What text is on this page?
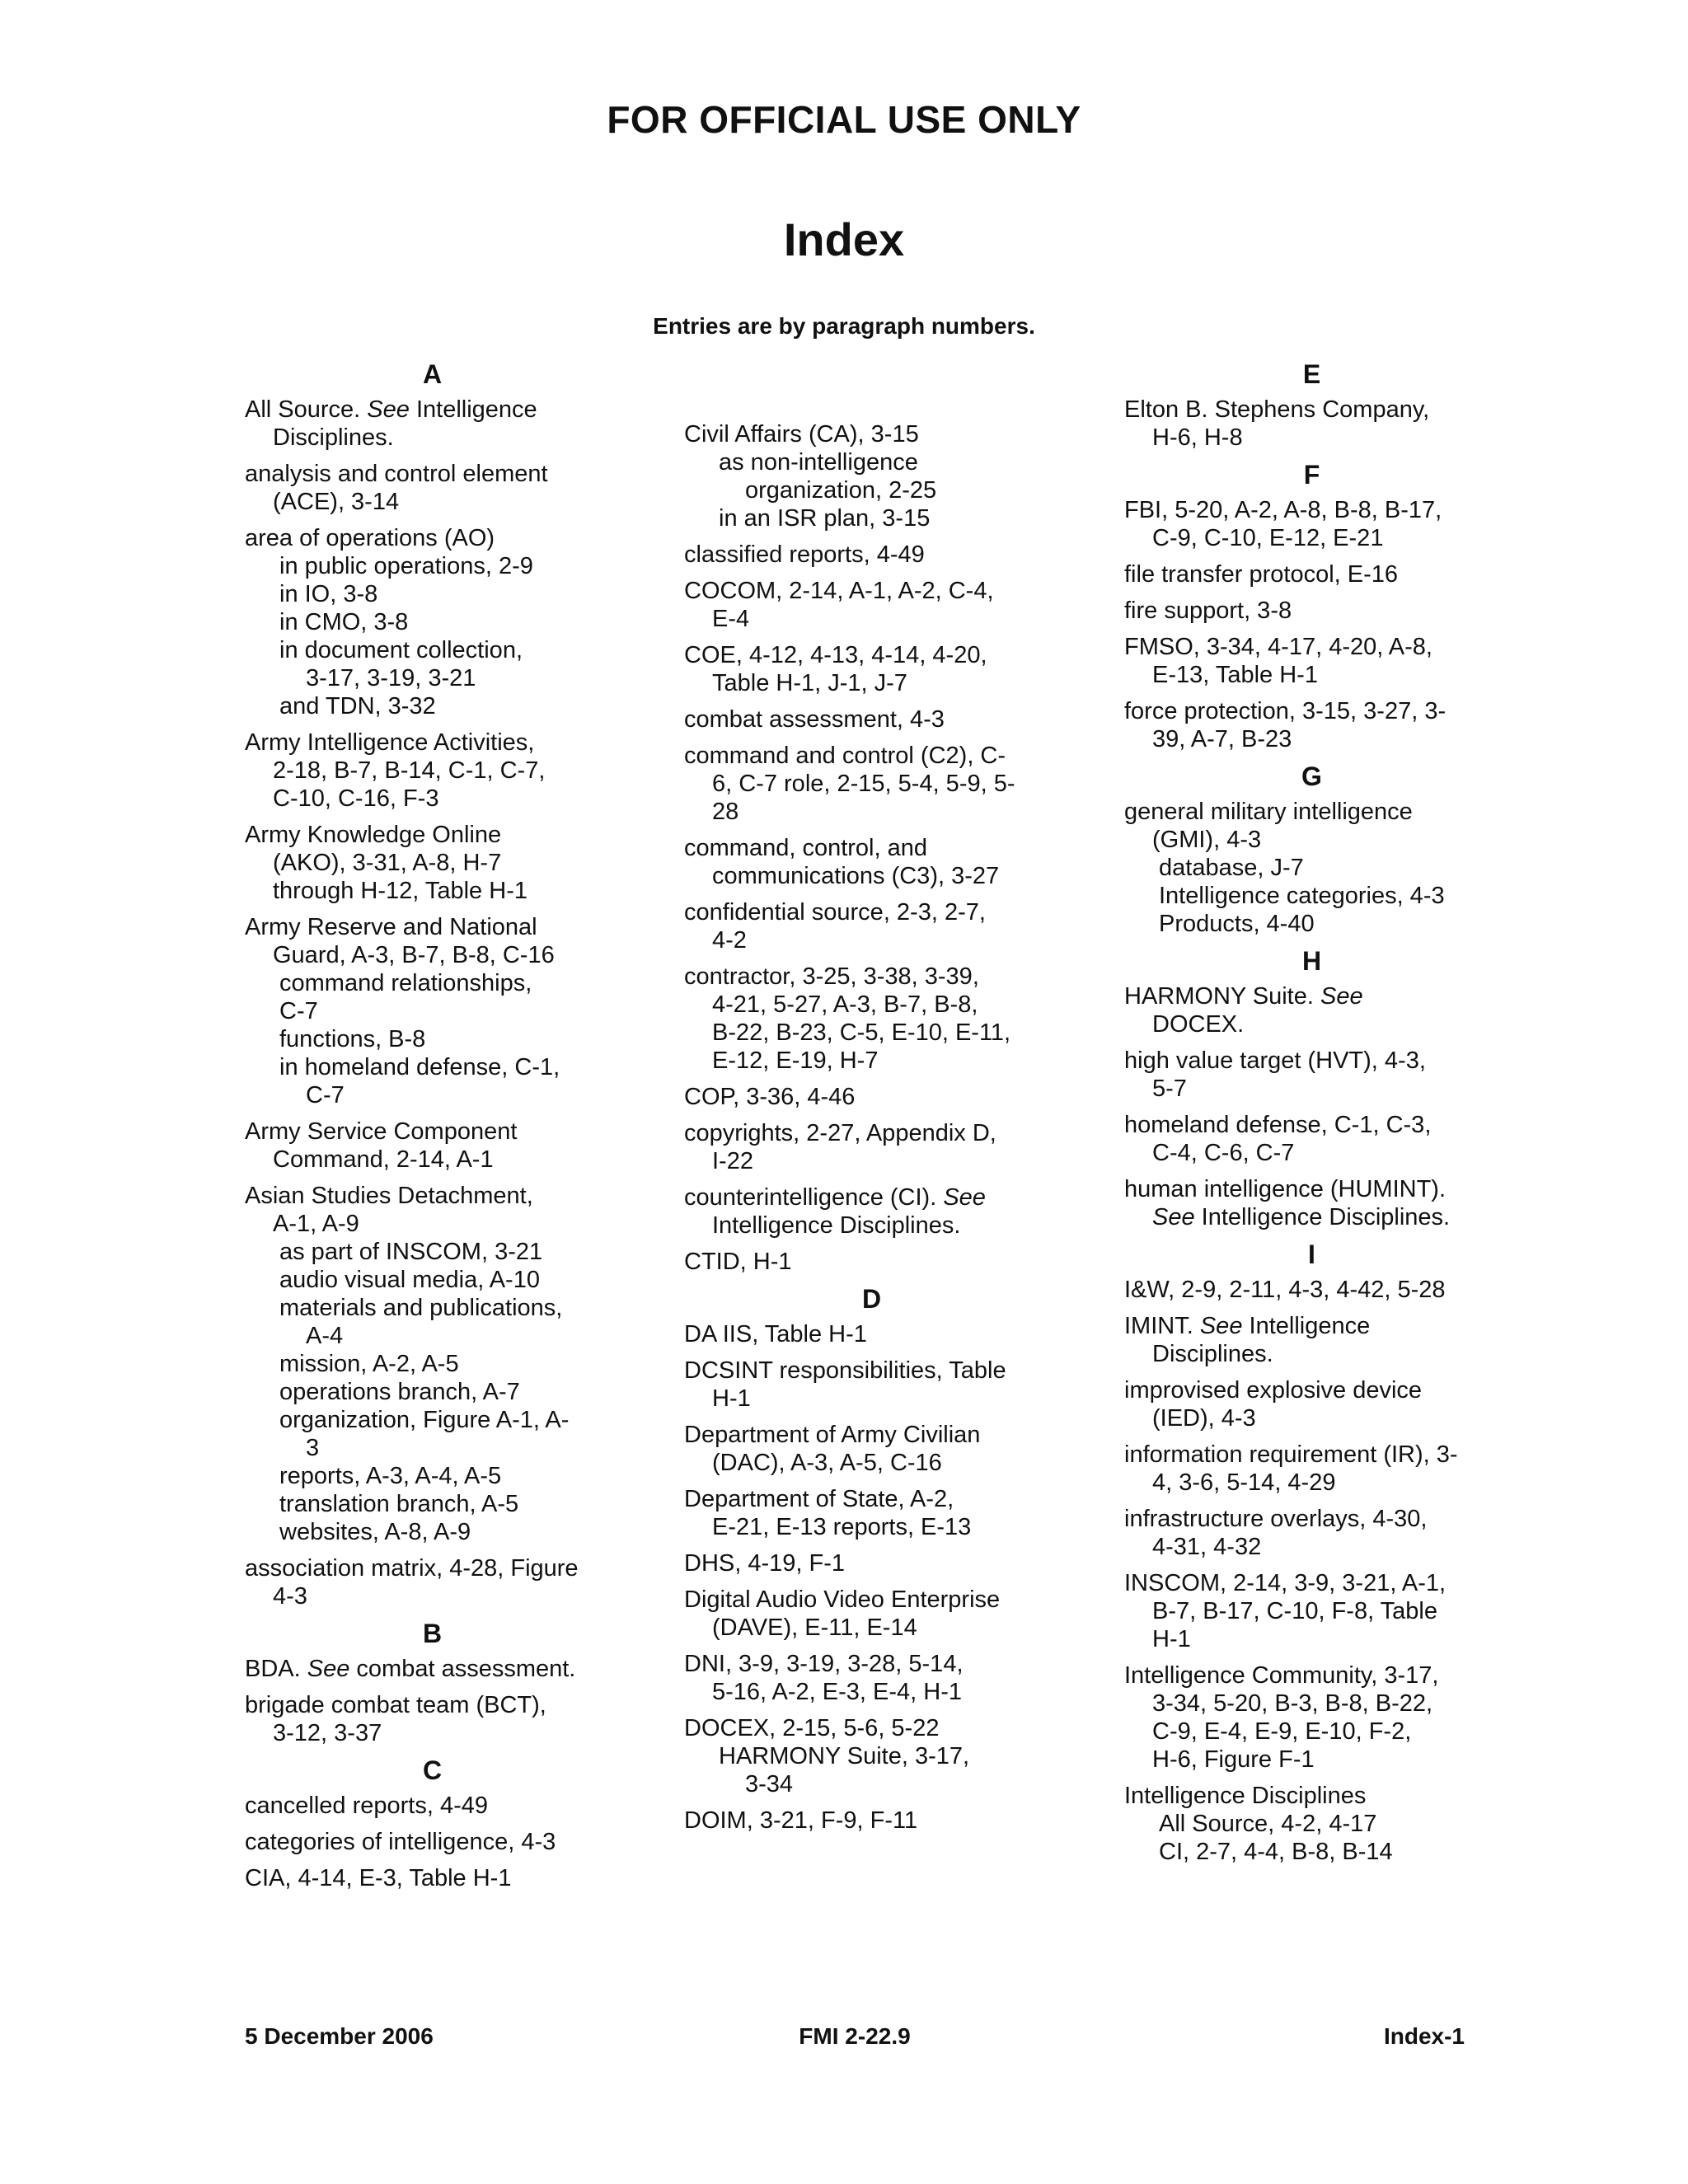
FOR OFFICIAL USE ONLY
Index
Entries are by paragraph numbers.
A
All Source. See Intelligence
Disciplines.
analysis and control element
(ACE), 3-14
area of operations (AO)
in public operations, 2-9
in IO, 3-8
in CMO, 3-8
in document collection,
3-17, 3-19, 3-21
and TDN, 3-32
Army Intelligence Activities,
2-18, B-7, B-14, C-1, C-7,
C-10, C-16, F-3
Army Knowledge Online
(AKO), 3-31, A-8, H-7
through H-12, Table H-1
Army Reserve and National
Guard, A-3, B-7, B-8, C-16
command relationships,
C-7
functions, B-8
in homeland defense, C-1,
C-7
Army Service Component
Command, 2-14, A-1
Asian Studies Detachment,
A-1, A-9
as part of INSCOM, 3-21
audio visual media, A-10
materials and publications,
A-4
mission, A-2, A-5
operations branch, A-7
organization, Figure A-1, A-
3
reports, A-3, A-4, A-5
translation branch, A-5
websites, A-8, A-9
association matrix, 4-28, Figure
4-3
B
BDA. See combat assessment.
brigade combat team (BCT),
3-12, 3-37
C
cancelled reports, 4-49
categories of intelligence, 4-3
CIA, 4-14, E-3, Table H-1
Civil Affairs (CA), 3-15
as non-intelligence
organization, 2-25
in an ISR plan, 3-15
classified reports, 4-49
COCOM, 2-14, A-1, A-2, C-4,
E-4
COE, 4-12, 4-13, 4-14, 4-20,
Table H-1, J-1, J-7
combat assessment, 4-3
command and control (C2), C-
6, C-7 role, 2-15, 5-4, 5-9, 5-
28
command, control, and
communications (C3), 3-27
confidential source, 2-3, 2-7,
4-2
contractor, 3-25, 3-38, 3-39,
4-21, 5-27, A-3, B-7, B-8,
B-22, B-23, C-5, E-10, E-11,
E-12, E-19, H-7
COP, 3-36, 4-46
copyrights, 2-27, Appendix D,
I-22
counterintelligence (CI). See
Intelligence Disciplines.
CTID, H-1
D
DA IIS, Table H-1
DCSINT responsibilities, Table
H-1
Department of Army Civilian
(DAC), A-3, A-5, C-16
Department of State, A-2,
E-21, E-13 reports, E-13
DHS, 4-19, F-1
Digital Audio Video Enterprise
(DAVE), E-11, E-14
DNI, 3-9, 3-19, 3-28, 5-14,
5-16, A-2, E-3, E-4, H-1
DOCEX, 2-15, 5-6, 5-22
HARMONY Suite, 3-17,
3-34
DOIM, 3-21, F-9, F-11
E
Elton B. Stephens Company,
H-6, H-8
F
FBI, 5-20, A-2, A-8, B-8, B-17,
C-9, C-10, E-12, E-21
file transfer protocol, E-16
fire support, 3-8
FMSO, 3-34, 4-17, 4-20, A-8,
E-13, Table H-1
force protection, 3-15, 3-27, 3-
39, A-7, B-23
G
general military intelligence
(GMI), 4-3
database, J-7
Intelligence categories, 4-3
Products, 4-40
H
HARMONY Suite. See
DOCEX.
high value target (HVT), 4-3,
5-7
homeland defense, C-1, C-3,
C-4, C-6, C-7
human intelligence (HUMINT).
See Intelligence Disciplines.
I
I&W, 2-9, 2-11, 4-3, 4-42, 5-28
IMINT. See Intelligence
Disciplines.
improvised explosive device
(IED), 4-3
information requirement (IR), 3-
4, 3-6, 5-14, 4-29
infrastructure overlays, 4-30,
4-31, 4-32
INSCOM, 2-14, 3-9, 3-21, A-1,
B-7, B-17, C-10, F-8, Table
H-1
Intelligence Community, 3-17,
3-34, 5-20, B-3, B-8, B-22,
C-9, E-4, E-9, E-10, F-2,
H-6, Figure F-1
Intelligence Disciplines
All Source, 4-2, 4-17
CI, 2-7, 4-4, B-8, B-14
5 December 2006	FMI 2-22.9	Index-1
